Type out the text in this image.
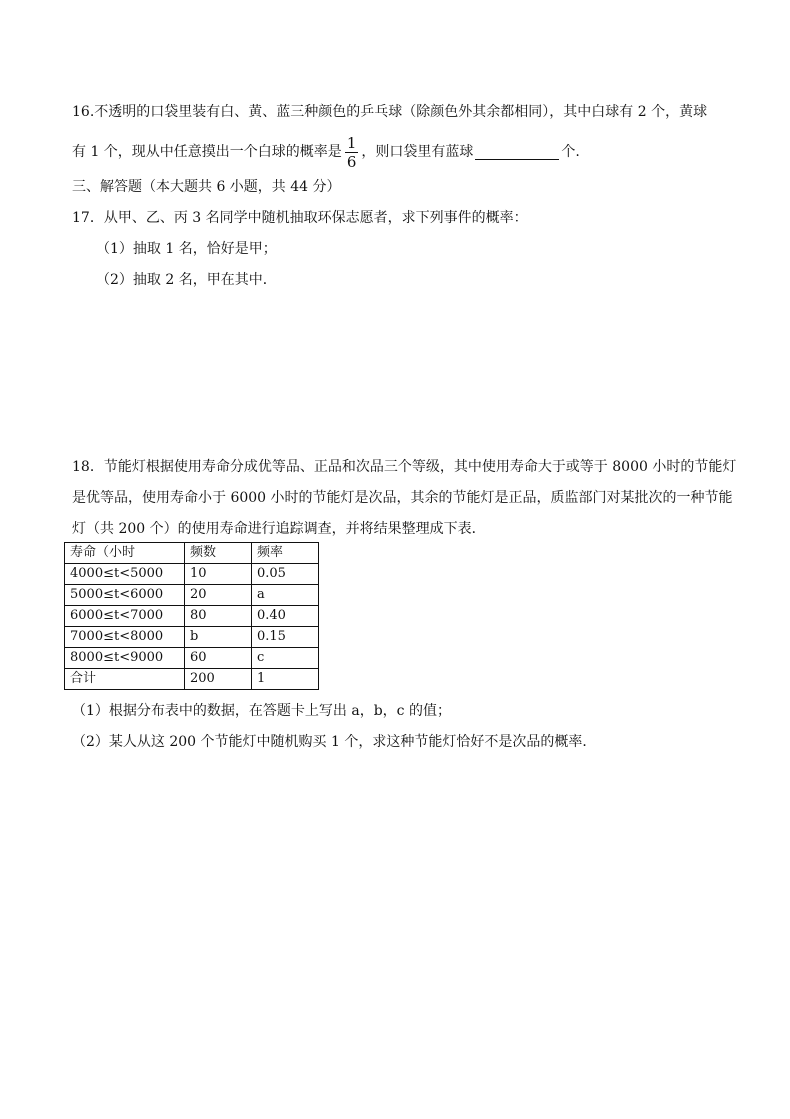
16.不透明的口袋里装有白、黄、蓝三种颜色的乒乓球（除颜色外其余都相同），其中白球有 2 个，黄球
有 1 个，现从中任意摸出一个白球的概率是 $\frac{1}{6}$ ，则口袋里有蓝球	个.
三、解答题（本大题共 6 小题，共 44 分）
17．从甲、乙、丙 3 名同学中随机抽取环保志愿者，求下列事件的概率：
（1）抽取 1 名，恰好是甲；
（2）抽取 2 名，甲在其中．
18．节能灯根据使用寿命分成优等品、正品和次品三个等级，其中使用寿命大于或等于 8000 小时的节能灯
是优等品，使用寿命小于 6000 小时的节能灯是次品，其余的节能灯是正品，质监部门对某批次的一种节能
灯（共 200 个）的使用寿命进行追踪调查，并将结果整理成下表．
寿命（小时	频数	频率
4000≤t<5000	10	0.05
5000≤t<6000	20	a
6000≤t<7000	80	0.40
7000≤t<8000	b	0.15
8000≤t<9000	60	c
合计	200	1
（1）根据分布表中的数据，在答题卡上写出 a，b，c 的值；
（2）某人从这 200 个节能灯中随机购买 1 个，求这种节能灯恰好不是次品的概率．
